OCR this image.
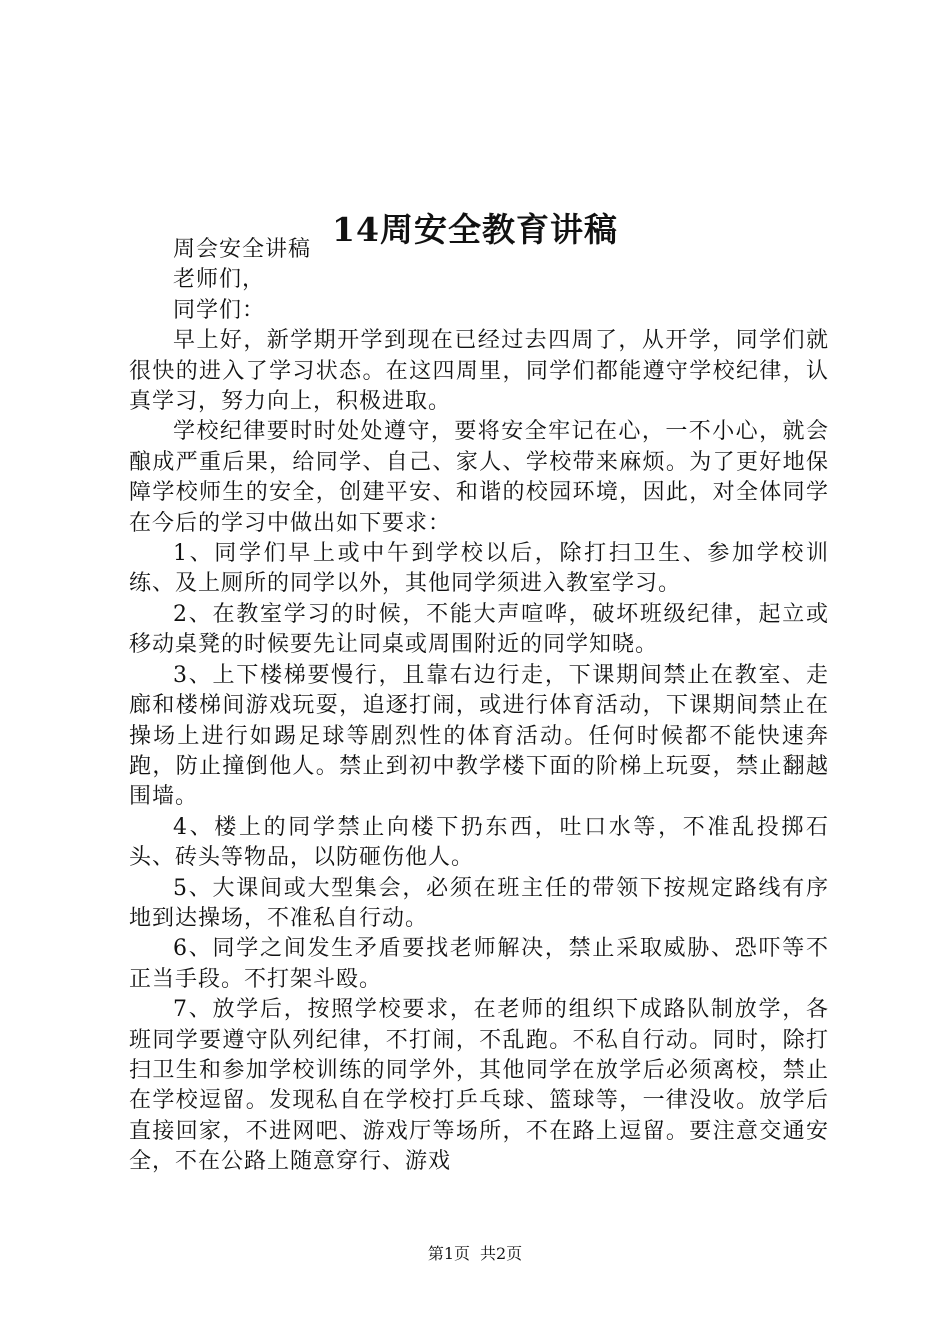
14周安全教育讲稿

周会安全讲稿

老师们，

同学们：

早上好，新学期开学到现在已经过去四周了，从开学，同学们就很快的进入了学习状态。在这四周里，同学们都能遵守学校纪律，认真学习，努力向上，积极进取。

学校纪律要时时处处遵守，要将安全牢记在心，一不小心，就会酿成严重后果，给同学、自己、家人、学校带来麻烦。为了更好地保障学校师生的安全，创建平安、和谐的校园环境，因此，对全体同学在今后的学习中做出如下要求：

1、同学们早上或中午到学校以后，除打扫卫生、参加学校训练、及上厕所的同学以外，其他同学须进入教室学习。

2、在教室学习的时候，不能大声喧哗，破坏班级纪律，起立或移动桌凳的时候要先让同桌或周围附近的同学知晓。

3、上下楼梯要慢行，且靠右边行走，下课期间禁止在教室、走廊和楼梯间游戏玩耍，追逐打闹，或进行体育活动，下课期间禁止在操场上进行如踢足球等剧烈性的体育活动。任何时候都不能快速奔跑，防止撞倒他人。禁止到初中教学楼下面的阶梯上玩耍，禁止翻越围墙。

4、楼上的同学禁止向楼下扔东西，吐口水等，不准乱投掷石头、砖头等物品，以防砸伤他人。

5、大课间或大型集会，必须在班主任的带领下按规定路线有序地到达操场，不准私自行动。

6、同学之间发生矛盾要找老师解决，禁止采取威胁、恐吓等不正当手段。不打架斗殴。

7、放学后，按照学校要求，在老师的组织下成路队制放学，各班同学要遵守队列纪律，不打闹，不乱跑。不私自行动。同时，除打扫卫生和参加学校训练的同学外，其他同学在放学后必须离校，禁止在学校逗留。发现私自在学校打乒乓球、篮球等，一律没收。放学后直接回家，不进网吧、游戏厅等场所，不在路上逗留。要注意交通安全，不在公路上随意穿行、游戏

第1页 共2页
